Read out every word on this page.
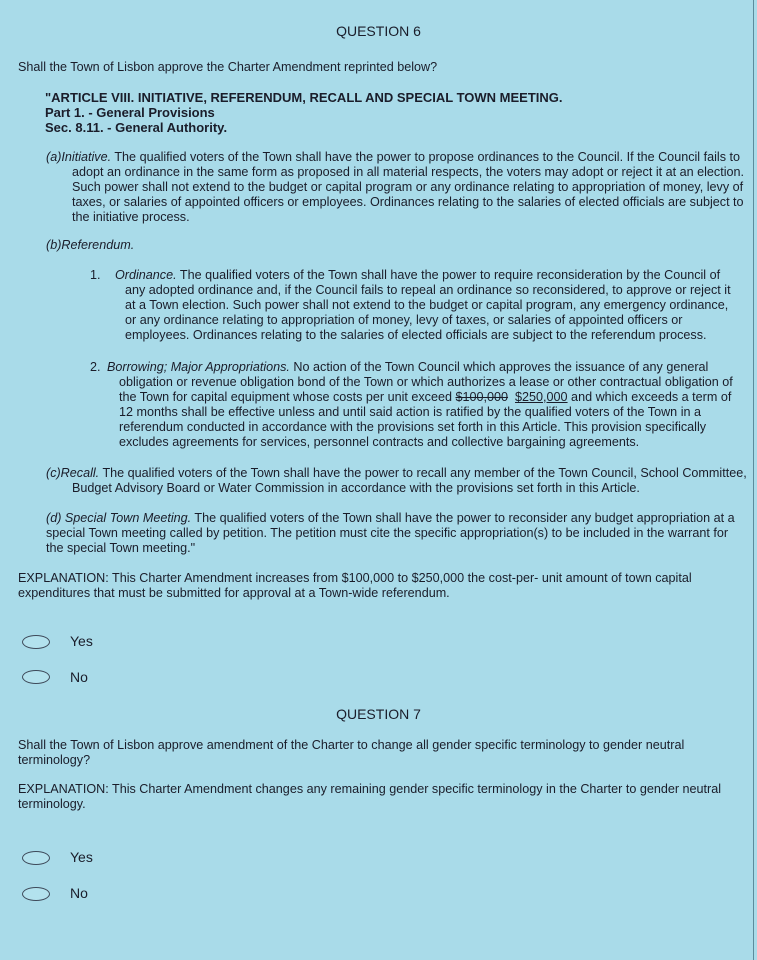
QUESTION 6
Shall the Town of Lisbon approve the Charter Amendment reprinted below?
"ARTICLE VIII. INITIATIVE, REFERENDUM, RECALL AND SPECIAL TOWN MEETING.
Part 1. - General Provisions
Sec. 8.11. - General Authority.
(a)Initiative. The qualified voters of the Town shall have the power to propose ordinances to the Council. If the Council fails to adopt an ordinance in the same form as proposed in all material respects, the voters may adopt or reject it at an election. Such power shall not extend to the budget or capital program or any ordinance relating to appropriation of money, levy of taxes, or salaries of appointed officers or employees. Ordinances relating to the salaries of elected officials are subject to the initiative process.
(b)Referendum.
1. Ordinance. The qualified voters of the Town shall have the power to require reconsideration by the Council of any adopted ordinance and, if the Council fails to repeal an ordinance so reconsidered, to approve or reject it at a Town election. Such power shall not extend to the budget or capital program, any emergency ordinance, or any ordinance relating to appropriation of money, levy of taxes, or salaries of appointed officers or employees. Ordinances relating to the salaries of elected officials are subject to the referendum process.
2. Borrowing; Major Appropriations. No action of the Town Council which approves the issuance of any general obligation or revenue obligation bond of the Town or which authorizes a lease or other contractual obligation of the Town for capital equipment whose costs per unit exceed $100,000 $250,000 and which exceeds a term of 12 months shall be effective unless and until said action is ratified by the qualified voters of the Town in a referendum conducted in accordance with the provisions set forth in this Article. This provision specifically excludes agreements for services, personnel contracts and collective bargaining agreements.
(c)Recall. The qualified voters of the Town shall have the power to recall any member of the Town Council, School Committee, Budget Advisory Board or Water Commission in accordance with the provisions set forth in this Article.
(d) Special Town Meeting. The qualified voters of the Town shall have the power to reconsider any budget appropriation at a special Town meeting called by petition. The petition must cite the specific appropriation(s) to be included in the warrant for the special Town meeting."
EXPLANATION: This Charter Amendment increases from $100,000 to $250,000 the cost-per- unit amount of town capital expenditures that must be submitted for approval at a Town-wide referendum.
Yes
No
QUESTION 7
Shall the Town of Lisbon approve amendment of the Charter to change all gender specific terminology to gender neutral terminology?
EXPLANATION: This Charter Amendment changes any remaining gender specific terminology in the Charter to gender neutral terminology.
Yes
No
